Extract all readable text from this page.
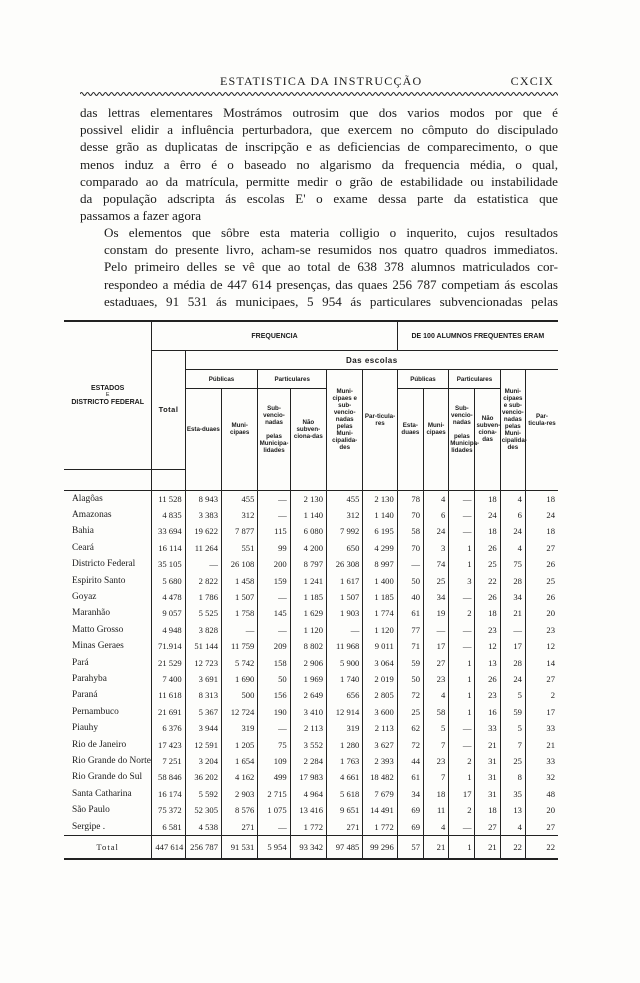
ESTATISTICA DA INSTRUCÇÃO	CXCIX
das lettras elementares Mostrámos outrosim que dos varios modos por que é
possivel elidir a influência perturbadora, que exercem no cômputo do discipulado
desse grão as duplicatas de inscripção e as deficiencias de comparecimento, o que
menos induz a êrro é o baseado no algarismo da frequencia média, o qual,
comparado ao da matrícula, permitte medir o grão de estabilidade ou instabilidade
da população adscripta ás escolas E' o exame dessa parte da estatistica que
passamos a fazer agora
Os elementos que sôbre esta materia colligio o inquerito, cujos resultados
constam do presente livro, acham-se resumidos nos quatro quadros immediatos.
Pelo primeiro delles se vê que ao total de 638 378 alumnos matriculados cor-
respondeo a média de 447 614 presenças, das quaes 256 787 competiam ás escolas
estaduaes, 91 531 ás municipaes, 5 954 ás particulares subvencionadas pelas
ESTADOS
E
DISTRICTO FEDERAL	FREQUENCIA							DE 100 ALUMNOS FREQUENTES ERAM					
	Total	Das escolas											
		Públicas		Particulares		Muni-cipaes e sub-vencio-nadas pelas Muni-cipalida-des	Par-ticula-res	Públicas		Particulares		Muni-cipaes e sub-vencio-nadas pelas Muni-cipalida-des	Par-ticula-res
		Esta-duaes	Muni-cipaes	Sub-vencio-nadas

pelas Municipa-lidades	Não subven-ciona-das			Esta-duaes	Muni-cipaes	Sub-vencio-nadas

pelas Municipa-lidades	Não subven-ciona-das		

Alagôas	11 528	8 943	455	—	2 130	455	2 130	78	4	—	18	4	18
Amazonas	4 835	3 383	312	—	1 140	312	1 140	70	6	—	24	6	24
Bahia	33 694	19 622	7 877	115	6 080	7 992	6 195	58	24	—	18	24	18
Ceará	16 114	11 264	551	99	4 200	650	4 299	70	3	1	26	4	27
Districto Federal	35 105	—	26 108	200	8 797	26 308	8 997	—	74	1	25	75	26
Espirito Santo	5 680	2 822	1 458	159	1 241	1 617	1 400	50	25	3	22	28	25
Goyaz	4 478	1 786	1 507	—	1 185	1 507	1 185	40	34	—	26	34	26
Maranhão	9 057	5 525	1 758	145	1 629	1 903	1 774	61	19	2	18	21	20
Matto Grosso	4 948	3 828	—	—	1 120	—	1 120	77	—	—	23	—	23
Minas Geraes	71.914	51 144	11 759	209	8 802	11 968	9 011	71	17	—	12	17	12
Pará	21 529	12 723	5 742	158	2 906	5 900	3 064	59	27	1	13	28	14
Parahyba	7 400	3 691	1 690	50	1 969	1 740	2 019	50	23	1	26	24	27
Paraná	11 618	8 313	500	156	2 649	656	2 805	72	4	1	23	5	2
Pernambuco	21 691	5 367	12 724	190	3 410	12 914	3 600	25	58	1	16	59	17
Piauhy	6 376	3 944	319	—	2 113	319	2 113	62	5	—	33	5	33
Rio de Janeiro	17 423	12 591	1 205	75	3 552	1 280	3 627	72	7	—	21	7	21
Rio Grande do Norte	7 251	3 204	1 654	109	2 284	1 763	2 393	44	23	2	31	25	33
Rio Grande do Sul	58 846	36 202	4 162	499	17 983	4 661	18 482	61	7	1	31	8	32
Santa Catharina	16 174	5 592	2 903	2 715	4 964	5 618	7 679	34	18	17	31	35	48
São Paulo	75 372	52 305	8 576	1 075	13 416	9 651	14 491	69	11	2	18	13	20
Sergipe .	6 581	4 538	271	—	1 772	271	1 772	69	4	—	27	4	27
Total	447 614	256 787	91 531	5 954	93 342	97 485	99 296	57	21	1	21	22	22
